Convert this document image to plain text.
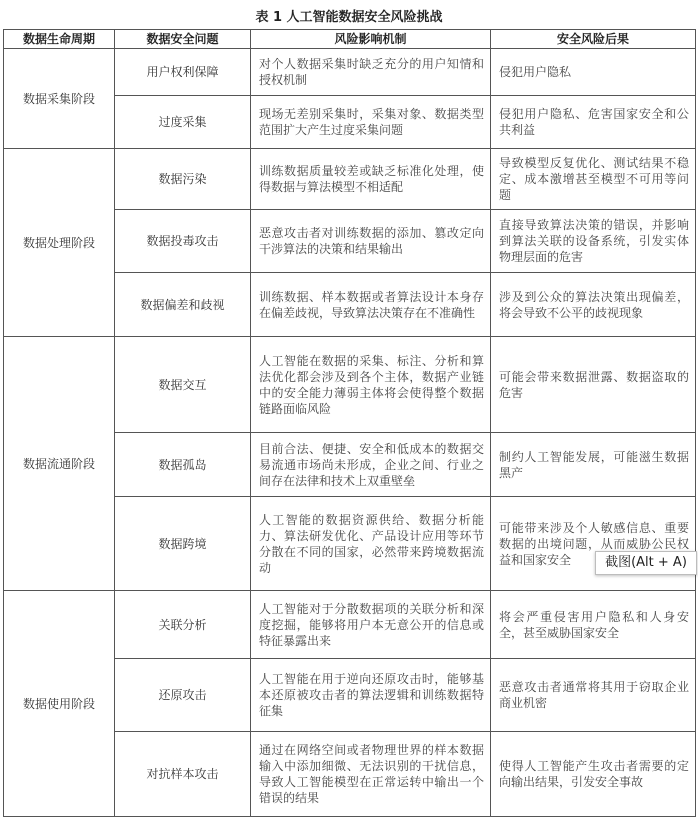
表 1 人工智能数据安全风险挑战
数据生命周期	数据安全问题	风险影响机制	安全风险后果
数据采集阶段	用户权利保障	对个人数据采集时缺乏充分的用户知情和授权机制	侵犯用户隐私
	过度采集	现场无差别采集时，采集对象、数据类型范围扩大产生过度采集问题	侵犯用户隐私、危害国家安全和公共利益
数据处理阶段	数据污染	训练数据质量较差或缺乏标准化处理，使得数据与算法模型不相适配	导致模型反复优化、测试结果不稳定、成本激增甚至模型不可用等问题
	数据投毒攻击	恶意攻击者对训练数据的添加、篡改定向干涉算法的决策和结果输出	直接导致算法决策的错误，并影响到算法关联的设备系统，引发实体物理层面的危害
	数据偏差和歧视	训练数据、样本数据或者算法设计本身存在偏差歧视，导致算法决策存在不准确性	涉及到公众的算法决策出现偏差，将会导致不公平的歧视现象
数据流通阶段	数据交互	人工智能在数据的采集、标注、分析和算法优化都会涉及到各个主体，数据产业链中的安全能力薄弱主体将会使得整个数据链路面临风险	可能会带来数据泄露、数据盗取的危害
	数据孤岛	目前合法、便捷、安全和低成本的数据交易流通市场尚未形成，企业之间、行业之间存在法律和技术上双重壁垒	制约人工智能发展，可能滋生数据黑产
	数据跨境	人工智能的数据资源供给、数据分析能力、算法研发优化、产品设计应用等环节分散在不同的国家，必然带来跨境数据流动	可能带来涉及个人敏感信息、重要数据的出境问题，从而威胁公民权益和国家安全
数据使用阶段	关联分析	人工智能对于分散数据项的关联分析和深度挖掘，能够将用户本无意公开的信息或特征暴露出来	将会严重侵害用户隐私和人身安全，甚至威胁国家安全
	还原攻击	人工智能在用于逆向还原攻击时，能够基本还原被攻击者的算法逻辑和训练数据特征集	恶意攻击者通常将其用于窃取企业商业机密
	对抗样本攻击	通过在网络空间或者物理世界的样本数据输入中添加细微、无法识别的干扰信息，导致人工智能模型在正常运转中输出一个错误的结果	使得人工智能产生攻击者需要的定向输出结果，引发安全事故
截图(Alt + A)
